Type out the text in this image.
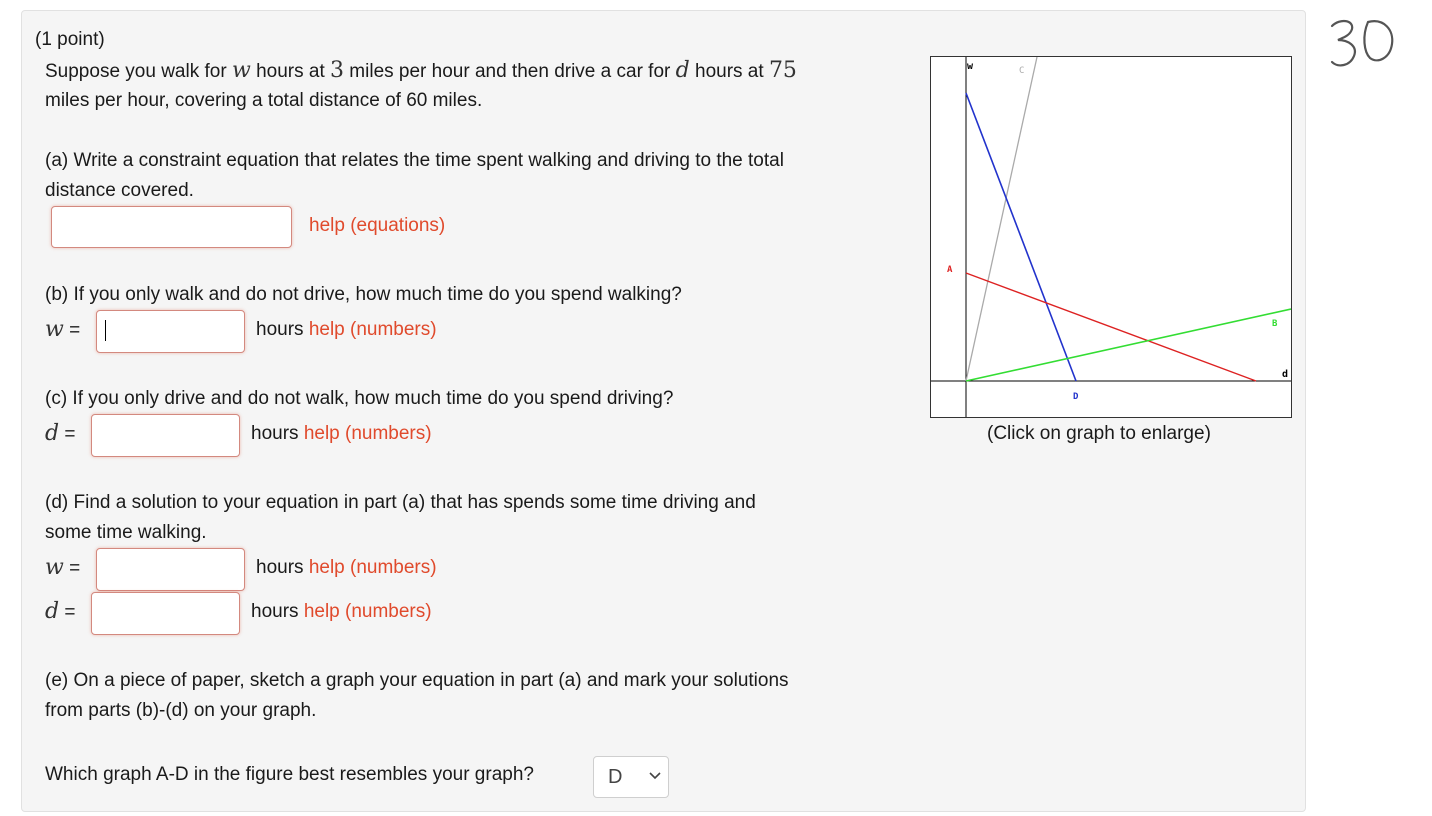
(1 point)
Suppose you walk for w hours at 3 miles per hour and then drive a car for d hours at 75
miles per hour, covering a total distance of 60 miles.
(a) Write a constraint equation that relates the time spent walking and driving to the total
distance covered.
help (equations)
(b) If you only walk and do not drive, how much time do you spend walking?
w =	hours help (numbers)
(c) If you only drive and do not walk, how much time do you spend driving?
d =	hours help (numbers)
(d) Find a solution to your equation in part (a) that has spends some time driving and
some time walking.
w =	hours help (numbers)
d =	hours help (numbers)
(e) On a piece of paper, sketch a graph your equation in part (a) and mark your solutions
from parts (b)-(d) on your graph.
Which graph A-D in the figure best resembles your graph?	D
w
d
C
A
B
D
(Click on graph to enlarge)
